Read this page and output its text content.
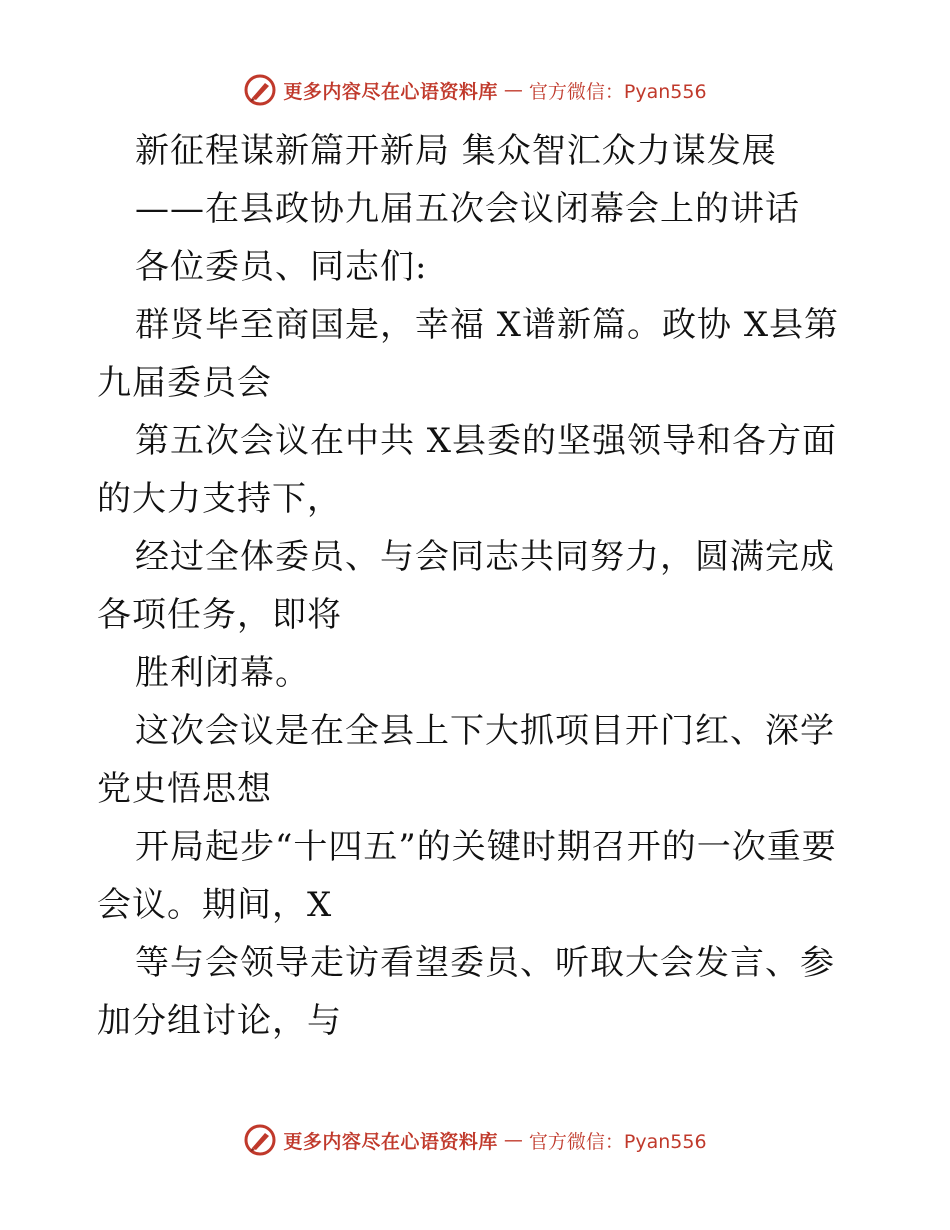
更多内容尽在心语资料库 — 官方微信：Pyan556

新征程谋新篇开新局 集众智汇众力谋发展

——在县政协九届五次会议闭幕会上的讲话

各位委员、同志们:

群贤毕至商国是，幸福 X谱新篇。政协 X县第九届委员会

第五次会议在中共 X县委的坚强领导和各方面的大力支持下，

经过全体委员、与会同志共同努力，圆满完成各项任务，即将

胜利闭幕。

这次会议是在全县上下大抓项目开门红、深学党史悟思想

开局起步“十四五”的关键时期召开的一次重要会议。期间，X

等与会领导走访看望委员、听取大会发言、参加分组讨论，与

更多内容尽在心语资料库 — 官方微信：Pyan556
